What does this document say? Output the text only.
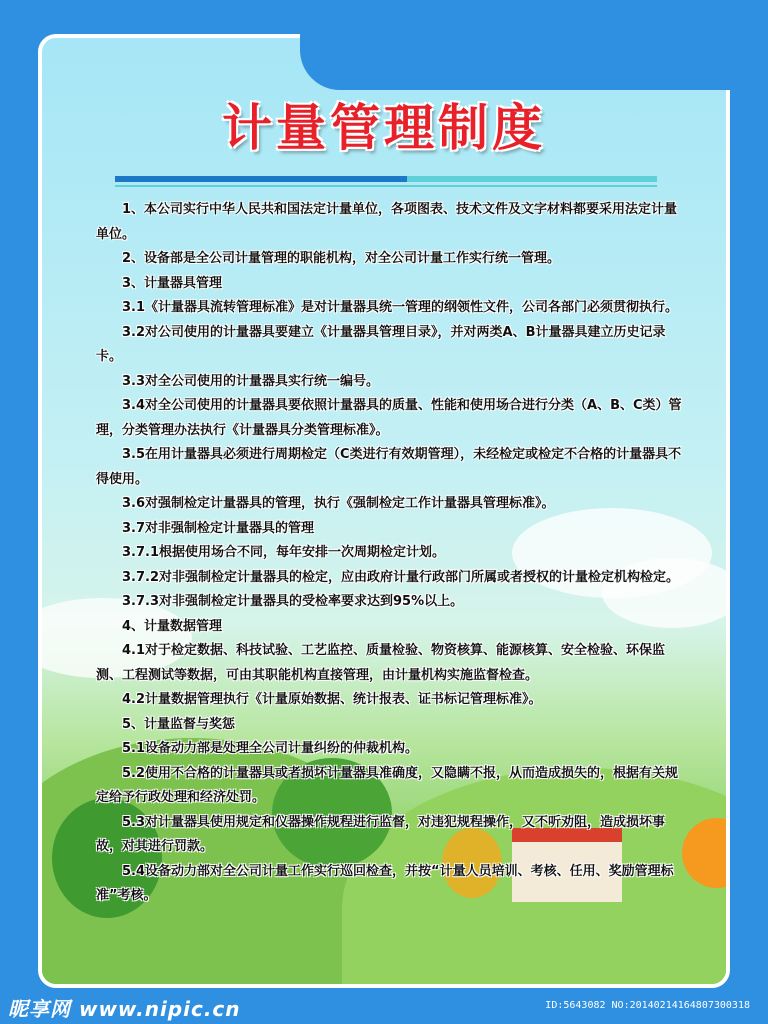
计量管理制度

1、本公司实行中华人民共和国法定计量单位，各项图表、技术文件及文字材料都要采用法定计量单位。

2、设备部是全公司计量管理的职能机构，对全公司计量工作实行统一管理。

3、计量器具管理

3.1《计量器具流转管理标准》是对计量器具统一管理的纲领性文件，公司各部门必须贯彻执行。

3.2对公司使用的计量器具要建立《计量器具管理目录》，并对两类A、B计量器具建立历史记录卡。

3.3对全公司使用的计量器具实行统一编号。

3.4对全公司使用的计量器具要依照计量器具的质量、性能和使用场合进行分类（A、B、C类）管理，分类管理办法执行《计量器具分类管理标准》。

3.5在用计量器具必须进行周期检定（C类进行有效期管理），未经检定或检定不合格的计量器具不得使用。

3.6对强制检定计量器具的管理，执行《强制检定工作计量器具管理标准》。

3.7对非强制检定计量器具的管理

3.7.1根据使用场合不同，每年安排一次周期检定计划。

3.7.2对非强制检定计量器具的检定，应由政府计量行政部门所属或者授权的计量检定机构检定。

3.7.3对非强制检定计量器具的受检率要求达到95%以上。

4、计量数据管理

4.1对于检定数据、科技试验、工艺监控、质量检验、物资核算、能源核算、安全检验、环保监测、工程测试等数据，可由其职能机构直接管理，由计量机构实施监督检查。

4.2计量数据管理执行《计量原始数据、统计报表、证书标记管理标准》。

5、计量监督与奖惩

5.1设备动力部是处理全公司计量纠纷的仲裁机构。

5.2使用不合格的计量器具或者损坏计量器具准确度，又隐瞒不报，从而造成损失的，根据有关规定给予行政处理和经济处罚。

5.3对计量器具使用规定和仪器操作规程进行监督，对违犯规程操作，又不听劝阻，造成损坏事故，对其进行罚款。

5.4设备动力部对全公司计量工作实行巡回检查，并按“计量人员培训、考核、任用、奖励管理标准”考核。

昵享网 www.nipic.cn	ID:5643082 NO:20140214164807300318
